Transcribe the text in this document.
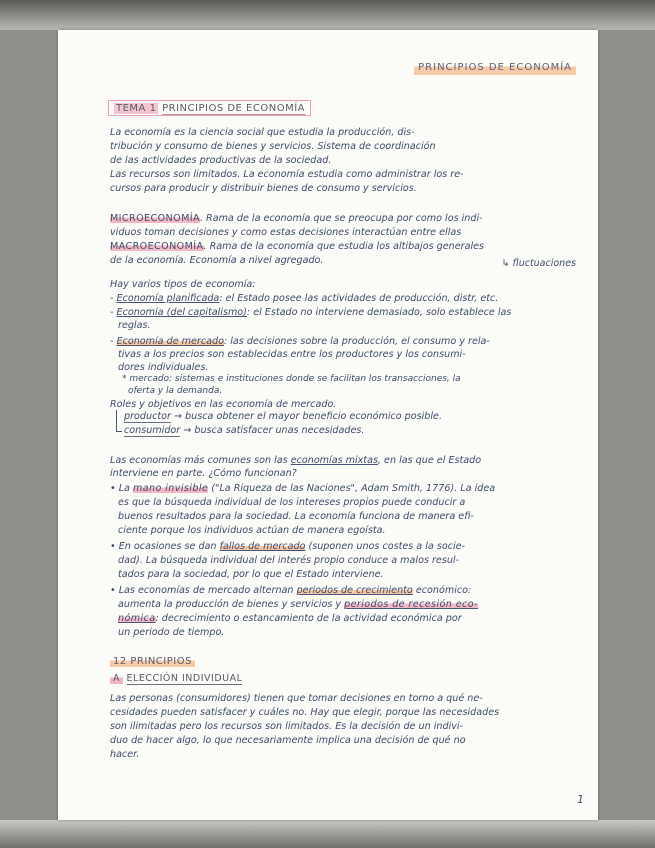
PRINCIPIOS DE ECONOMÍA
TEMA 1 PRINCIPIOS DE ECONOMÍA
La economía es la ciencia social que estudia la producción, dis-
tribución y consumo de bienes y servicios. Sistema de coordinación
de las actividades productivas de la sociedad.
Las recursos son limitados. La economía estudia como administrar los re-
cursos para producir y distribuir bienes de consumo y servicios.
MICROECONOMÍA. Rama de la economía que se preocupa por como los indi-
viduos toman decisiones y como estas decisiones interactúan entre ellas
MACROECONOMÍA. Rama de la economía que estudia los altibajos generales
de la economía. Economía a nivel agregado.	↳ fluctuaciones
Hay varios tipos de economía:
- Economía planificada: el Estado posee las actividades de producción, distr, etc.
- Economía (del capitalismo): el Estado no interviene demasiado, solo establece las
reglas.
- Economía de mercado: las decisiones sobre la producción, el consumo y rela-
tivas a los precios son establecidas entre los productores y los consumi-
dores individuales.
* mercado: sistemas e instituciones donde se facilitan los transacciones, la
oferta y la demanda.
Roles y objetivos en las economía de mercado.
productor → busca obtener el mayor beneficio económico posible.
consumidor → busca satisfacer unas necesidades.
Las economías más comunes son las economías mixtas, en las que el Estado
interviene en parte. ¿Cómo funcionan?
• La mano invisible ("La Riqueza de las Naciones", Adam Smith, 1776). La idea
es que la búsqueda individual de los intereses propios puede conducir a
buenos resultados para la sociedad. La economía funciona de manera efi-
ciente porque los individuos actúan de manera egoísta.
• En ocasiones se dan fallos de mercado (suponen unos costes a la socie-
dad). La búsqueda individual del interés propio conduce a malos resul-
tados para la sociedad, por lo que el Estado interviene.
• Las economías de mercado alternan periodos de crecimiento económico:
aumenta la producción de bienes y servicios y periodos de recesión eco-
nómica: decrecimiento o estancamiento de la actividad económica por
un periodo de tiempo.
12 PRINCIPIOS
A ELECCIÓN INDIVIDUAL
Las personas (consumidores) tienen que tomar decisiones en torno a qué ne-
cesidades pueden satisfacer y cuáles no. Hay que elegir, porque las necesidades
son ilimitadas pero los recursos son limitados. Es la decisión de un indivi-
duo de hacer algo, lo que necesariamente implica una decisión de qué no
hacer.
1
